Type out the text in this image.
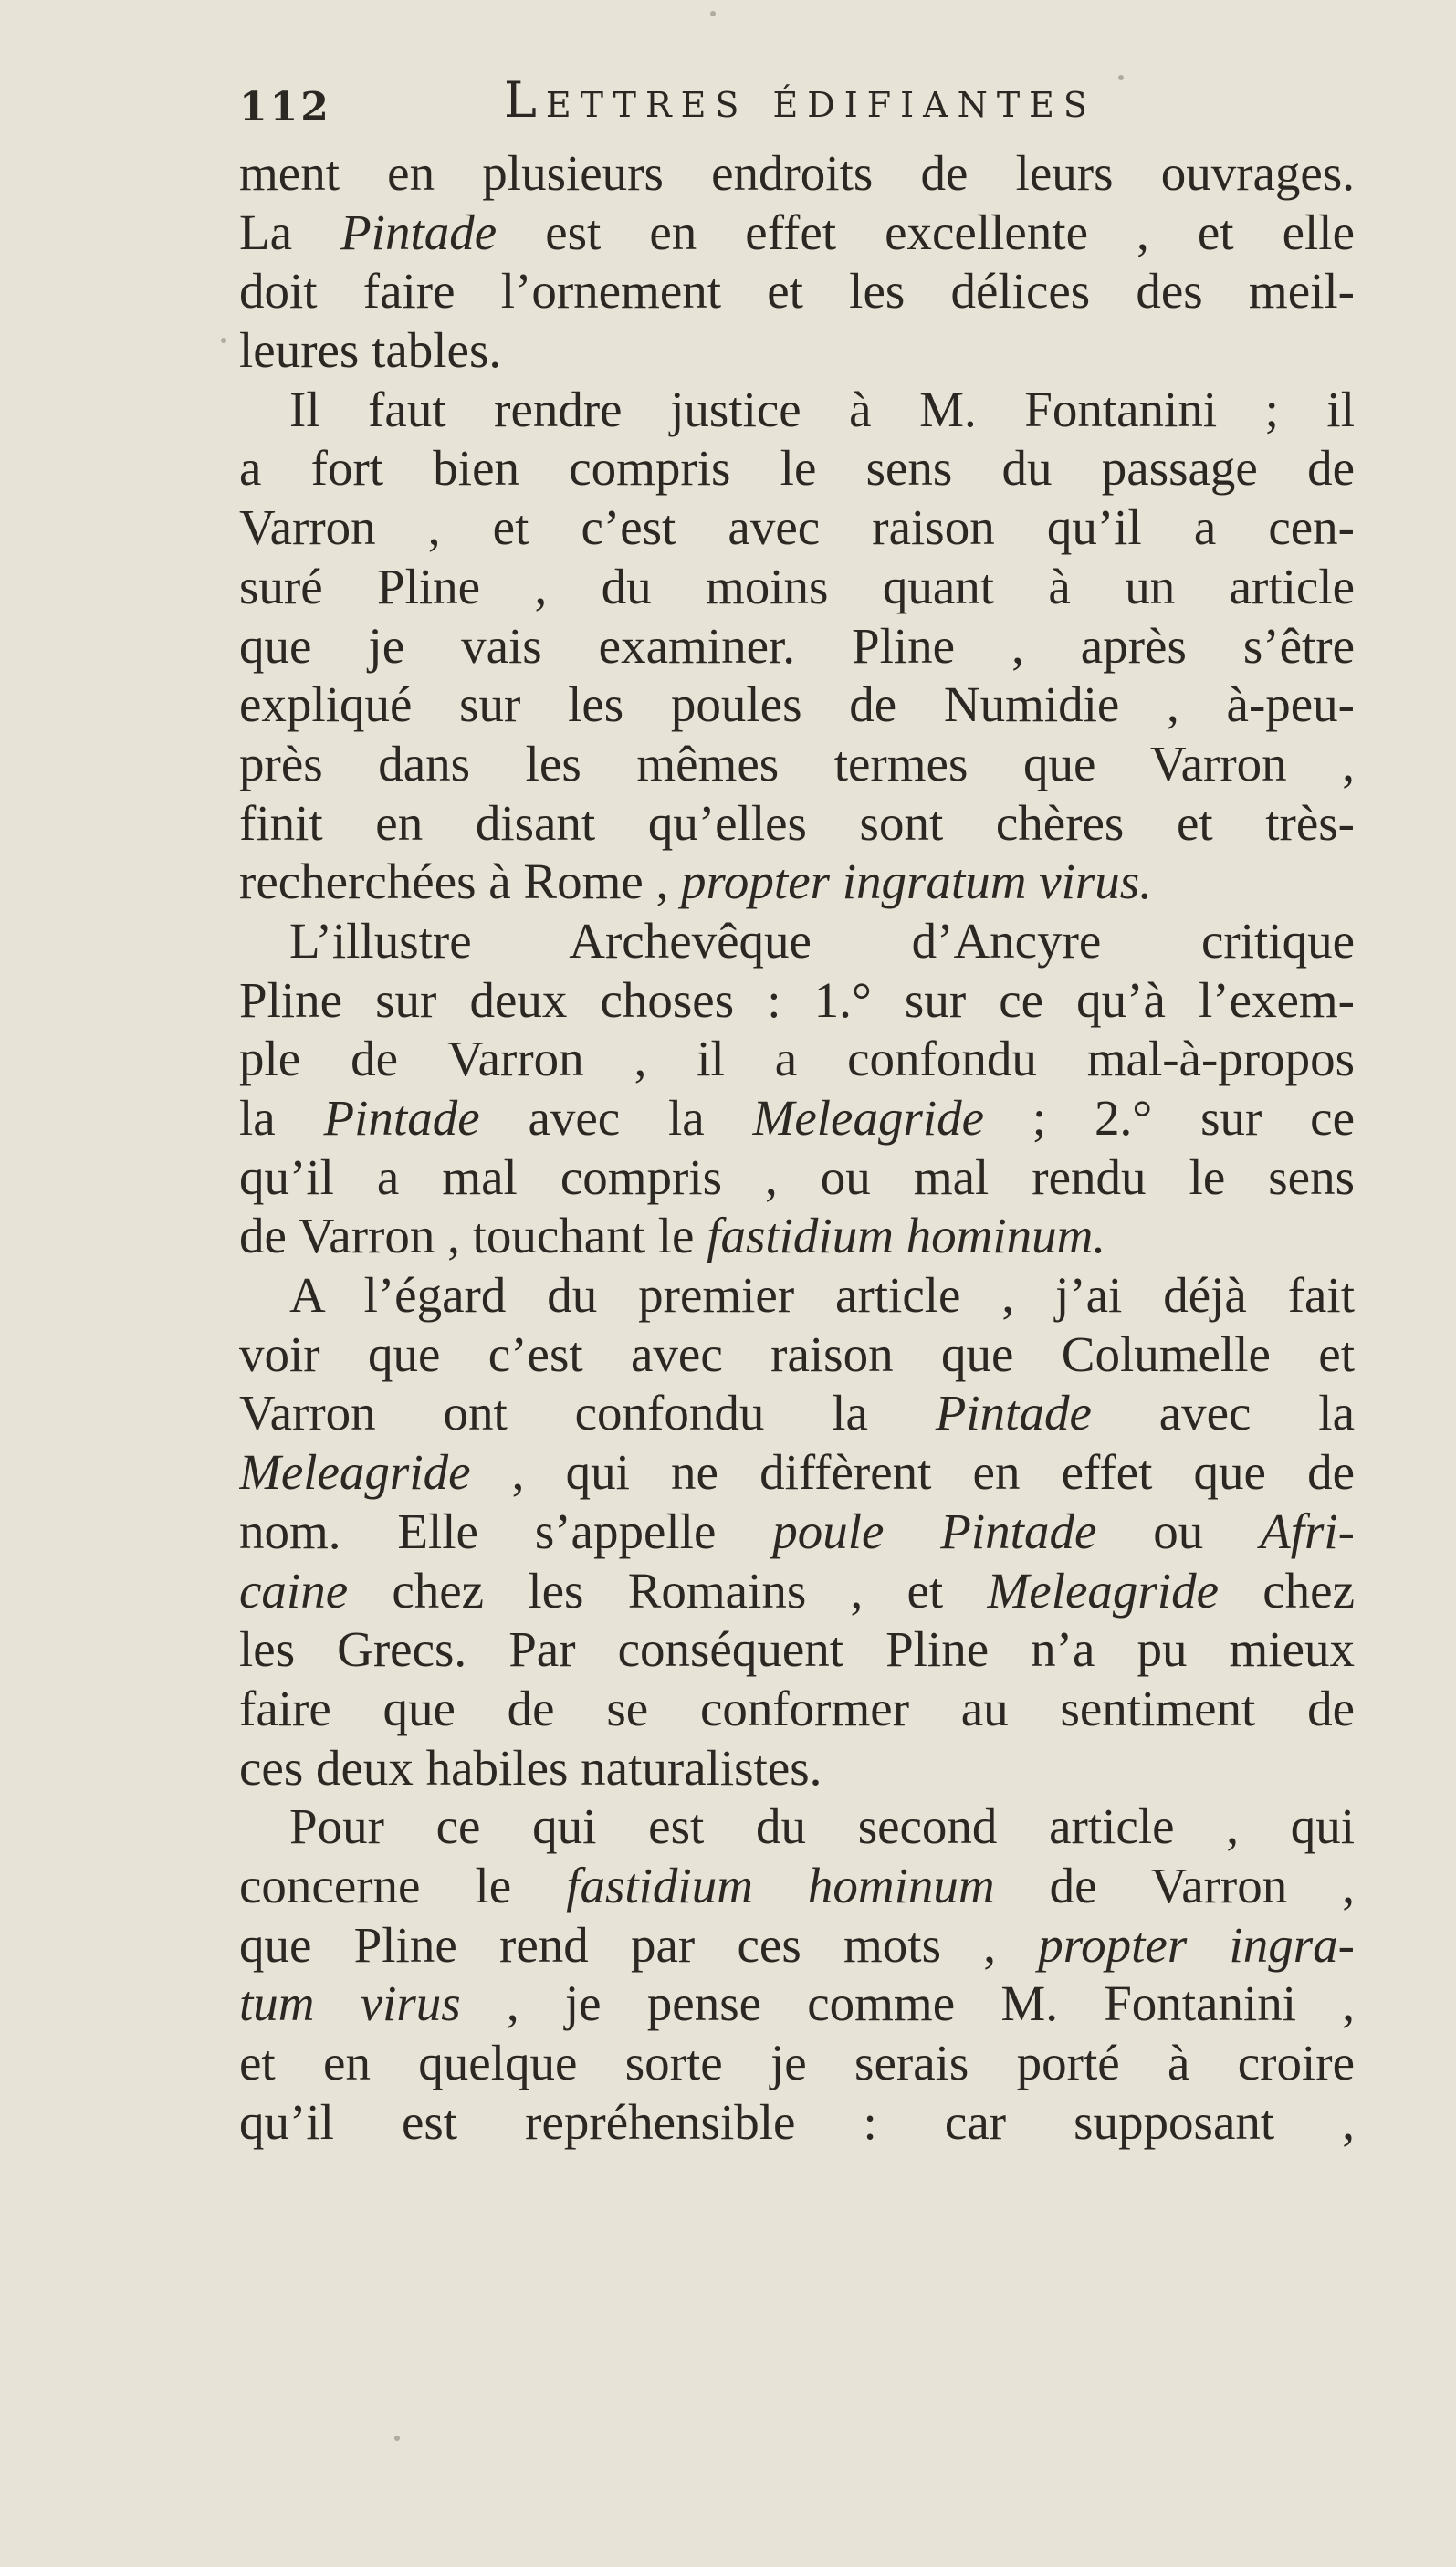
112	Lettres édifiantes
ment en plusieurs endroits de leurs ouvrages.
La Pintade est en effet excellente , et elle
doit faire l’ornement et les délices des meil-
leures tables.
Il faut rendre justice à M. Fontanini ; il
a fort bien compris le sens du passage de
Varron , et c’est avec raison qu’il a cen-
suré Pline , du moins quant à un article
que je vais examiner. Pline , après s’être
expliqué sur les poules de Numidie , à-peu-
près dans les mêmes termes que Varron ,
finit en disant qu’elles sont chères et très-
recherchées à Rome , propter ingratum virus.
L’illustre Archevêque d’Ancyre critique
Pline sur deux choses : 1.° sur ce qu’à l’exem-
ple de Varron , il a confondu mal-à-propos
la Pintade avec la Meleagride ; 2.° sur ce
qu’il a mal compris , ou mal rendu le sens
de Varron , touchant le fastidium hominum.
A l’égard du premier article , j’ai déjà fait
voir que c’est avec raison que Columelle et
Varron ont confondu la Pintade avec la
Meleagride , qui ne diffèrent en effet que de
nom. Elle s’appelle poule Pintade ou Afri-
caine chez les Romains , et Meleagride chez
les Grecs. Par conséquent Pline n’a pu mieux
faire que de se conformer au sentiment de
ces deux habiles naturalistes.
Pour ce qui est du second article , qui
concerne le fastidium hominum de Varron ,
que Pline rend par ces mots , propter ingra-
tum virus , je pense comme M. Fontanini ,
et en quelque sorte je serais porté à croire
qu’il est repréhensible : car supposant ,
